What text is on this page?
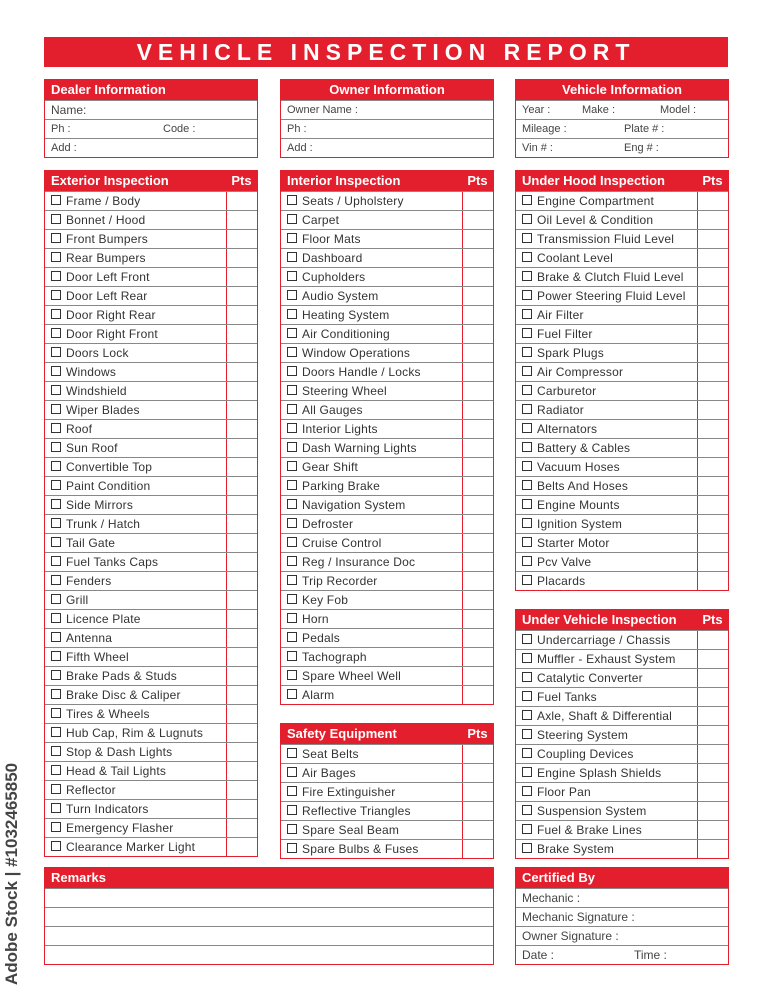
VEHICLE INSPECTION REPORT
Dealer Information
Name:
Ph :	Code :
Add :
Owner Information
Owner Name :
Ph :
Add :
Vehicle Information
Year :	Make :	Model :
Mileage :	Plate # :
Vin # :	Eng # :
Exterior Inspection	Pts
Frame / Body
Bonnet / Hood
Front Bumpers
Rear Bumpers
Door Left Front
Door Left Rear
Door Right Rear
Door Right Front
Doors Lock
Windows
Windshield
Wiper Blades
Roof
Sun Roof
Convertible Top
Paint Condition
Side Mirrors
Trunk / Hatch
Tail Gate
Fuel Tanks Caps
Fenders
Grill
Licence Plate
Antenna
Fifth Wheel
Brake Pads & Studs
Brake Disc & Caliper
Tires & Wheels
Hub Cap, Rim & Lugnuts
Stop & Dash Lights
Head & Tail Lights
Reflector
Turn Indicators
Emergency Flasher
Clearance Marker Light
Interior Inspection	Pts
Seats / Upholstery
Carpet
Floor Mats
Dashboard
Cupholders
Audio System
Heating System
Air Conditioning
Window Operations
Doors Handle / Locks
Steering Wheel
All Gauges
Interior Lights
Dash Warning Lights
Gear Shift
Parking Brake
Navigation System
Defroster
Cruise Control
Reg / Insurance Doc
Trip Recorder
Key Fob
Horn
Pedals
Tachograph
Spare Wheel Well
Alarm
Safety Equipment	Pts
Seat Belts
Air Bages
Fire Extinguisher
Reflective Triangles
Spare Seal Beam
Spare Bulbs & Fuses
Under Hood Inspection	Pts
Engine Compartment
Oil Level & Condition
Transmission Fluid Level
Coolant Level
Brake & Clutch Fluid Level
Power Steering Fluid Level
Air Filter
Fuel Filter
Spark Plugs
Air Compressor
Carburetor
Radiator
Alternators
Battery & Cables
Vacuum Hoses
Belts And Hoses
Engine Mounts
Ignition System
Starter Motor
Pcv Valve
Placards
Under Vehicle Inspection	Pts
Undercarriage / Chassis
Muffler - Exhaust System
Catalytic Converter
Fuel Tanks
Axle, Shaft & Differential
Steering System
Coupling Devices
Engine Splash Shields
Floor Pan
Suspension System
Fuel & Brake Lines
Brake System
Remarks	Certified By
Mechanic :
Mechanic Signature :
Owner Signature :
Date :	Time :
Adobe Stock | #1032465850
